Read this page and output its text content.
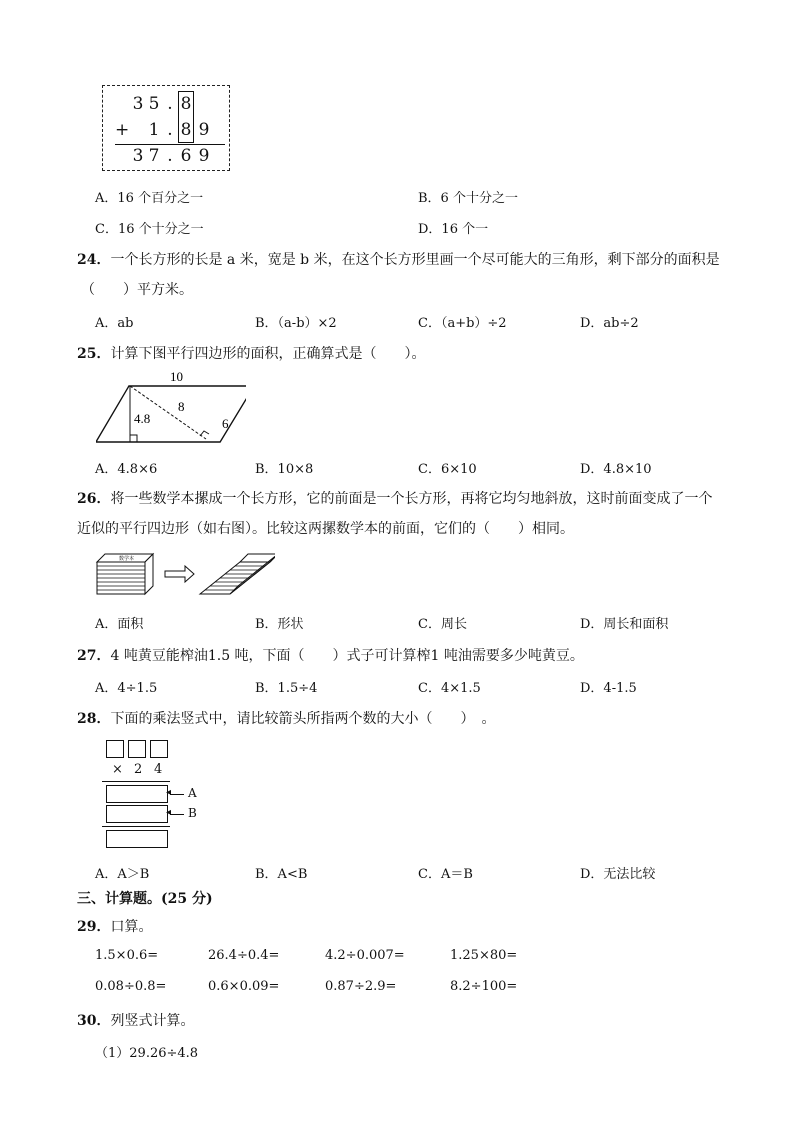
3 5 . 8
+ 1 . 8 9
3 7 . 6 9
A．16 个百分之一	B．6 个十分之一
C．16 个十分之一	D．16 个一
24．一个长方形的长是 a 米，宽是 b 米，在这个长方形里画一个尽可能大的三角形，剩下部分的面积是
（　　）平方米。
A．ab	B．（a-b）×2	C．（a+b）÷2	D．ab÷2
25．计算下图平行四边形的面积，正确算式是（　　）。
10
4.8
8
6
A．4.8×6	B．10×8	C．6×10	D．4.8×10
26．将一些数学本摞成一个长方形，它的前面是一个长方形，再将它均匀地斜放，这时前面变成了一个
近似的平行四边形（如右图）。比较这两摞数学本的前面，它们的（　　）相同。
数学本
A．面积	B．形状	C．周长	D．周长和面积
27．4 吨黄豆能榨油1.5 吨，下面（　　）式子可计算榨1 吨油需要多少吨黄豆。
A．4÷1.5	B．1.5÷4	C．4×1.5	D．4-1.5
28．下面的乘法竖式中，请比较箭头所指两个数的大小（　　）　。
× 2 4
◂ A
◂ B
A．A＞B	B．A<B	C．A＝B	D．无法比较
三、计算题。(25 分)
29．口算。
1.5×0.6=	26.4÷0.4=	4.2÷0.007=	1.25×80=
0.08÷0.8=	0.6×0.09=	0.87÷2.9=	8.2÷100=
30．列竖式计算。
（1）29.26÷4.8
